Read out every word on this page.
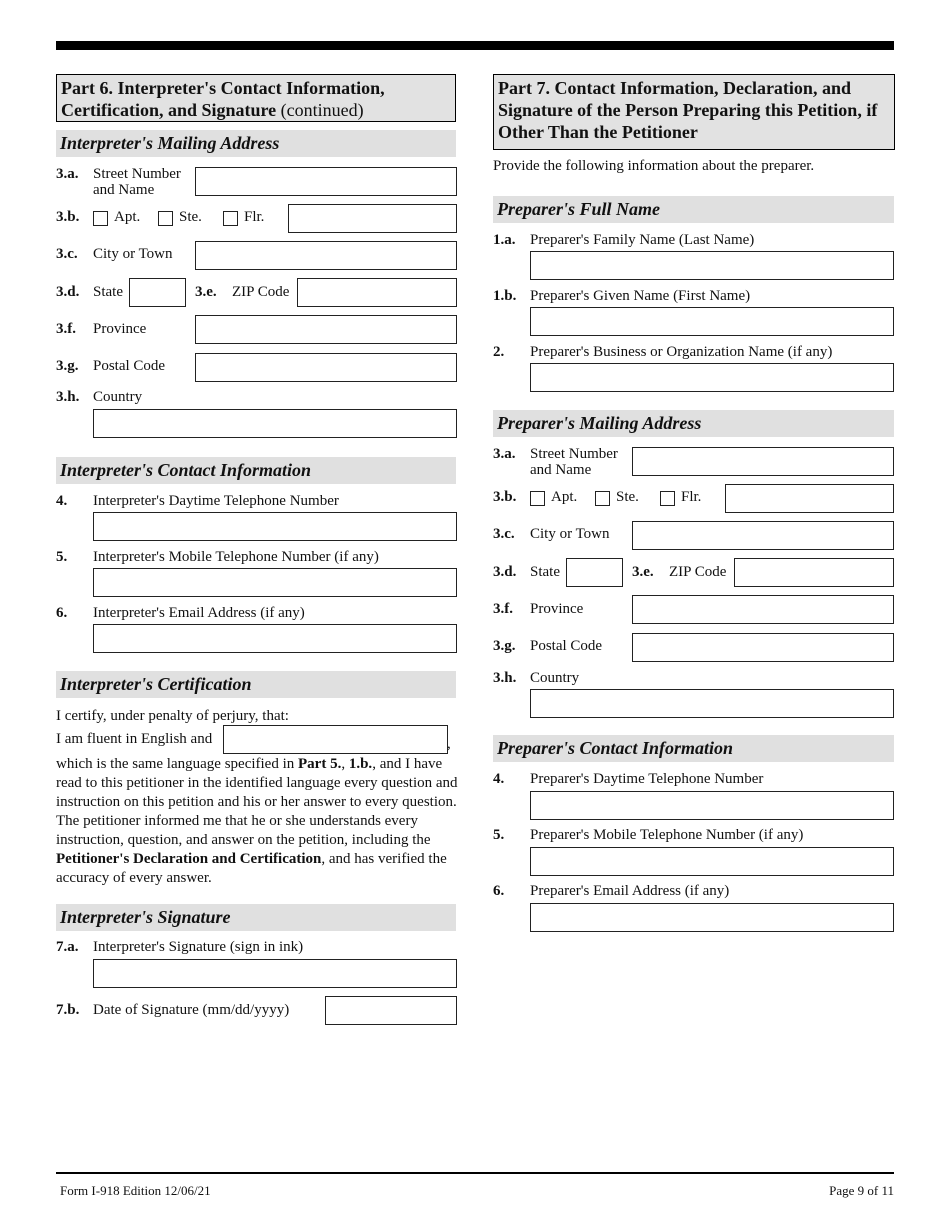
Part 6. Interpreter's Contact Information, Certification, and Signature (continued)
Interpreter's Mailing Address
3.a. Street Number
and Name
3.b. Apt.	Ste.	Flr.
3.c. City or Town
3.d. State	3.e. ZIP Code
3.f. Province
3.g. Postal Code
3.h. Country
Interpreter's Contact Information
4. Interpreter's Daytime Telephone Number
5. Interpreter's Mobile Telephone Number (if any)
6. Interpreter's Email Address (if any)
Interpreter's Certification
I certify, under penalty of perjury, that:
I am fluent in English and	,
which is the same language specified in Part 5., 1.b., and I have read to this petitioner in the identified language every question and instruction on this petition and his or her answer to every question. The petitioner informed me that he or she understands every instruction, question, and answer on the petition, including the Petitioner's Declaration and Certification, and has verified the accuracy of every answer.
Interpreter's Signature
7.a. Interpreter's Signature (sign in ink)
7.b. Date of Signature (mm/dd/yyyy)
Part 7. Contact Information, Declaration, and Signature of the Person Preparing this Petition, if Other Than the Petitioner
Provide the following information about the preparer.
Preparer's Full Name
1.a. Preparer's Family Name (Last Name)
1.b. Preparer's Given Name (First Name)
2. Preparer's Business or Organization Name (if any)
Preparer's Mailing Address
3.a. Street Number
and Name
3.b. Apt.	Ste.	Flr.
3.c. City or Town
3.d. State	3.e. ZIP Code
3.f. Province
3.g. Postal Code
3.h. Country
Preparer's Contact Information
4. Preparer's Daytime Telephone Number
5. Preparer's Mobile Telephone Number (if any)
6. Preparer's Email Address (if any)
Form I-918 Edition 12/06/21	Page 9 of 11
